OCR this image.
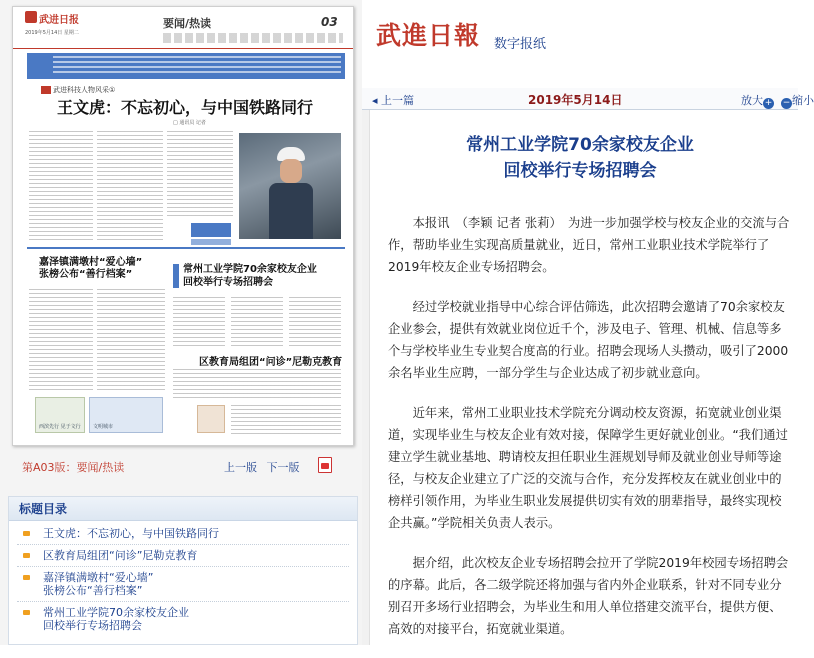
武进日报
2019年5月14日 星期二
要闻/热读	03
武进科技人物风采①
王文虎：不忘初心，与中国铁路同行
□ 通讯员 记者
嘉泽镇满墩村“爱心墙”
张榜公布“善行档案”	常州工业学院70余家校友企业
回校举行专场招聘会
区教育局组团“问诊”尼勒克教育
西滨先行 见于文行 文明城市
第A03版：要闻/热读	上一版 下一版
标题目录
王文虎：不忘初心，与中国铁路同行
区教育局组团“问诊”尼勒克教育
嘉泽镇满墩村“爱心墙”
张榜公布“善行档案”
常州工业学院70余家校友企业
回校举行专场招聘会
武進日報 数字报纸
◂ 上一篇	2019年5月14日	放大 + − 缩小
常州工业学院70余家校友企业
回校举行专场招聘会

本报讯　（李颖 记者 张莉）　为进一步加强学校与校友企业的交流与合作，帮助毕业生实现高质量就业，近日，常州工业职业技术学院举行了2019年校友企业专场招聘会。

经过学校就业指导中心综合评估筛选，此次招聘会邀请了70余家校友企业参会，提供有效就业岗位近千个，涉及电子、管理、机械、信息等多个与学校毕业生专业契合度高的行业。招聘会现场人头攒动，吸引了2000余名毕业生应聘，一部分学生与企业达成了初步就业意向。

近年来，常州工业职业技术学院充分调动校友资源，拓宽就业创业渠道，实现毕业生与校友企业有效对接，保障学生更好就业创业。“我们通过建立学生就业基地、聘请校友担任职业生涯规划导师及就业创业导师等途径，与校友企业建立了广泛的交流与合作，充分发挥校友在就业创业中的榜样引领作用，为毕业生职业发展提供切实有效的朋辈指导，最终实现校企共赢。”学院相关负责人表示。

据介绍，此次校友企业专场招聘会拉开了学院2019年校园专场招聘会的序幕。此后，各二级学院还将加强与省内外企业联系，针对不同专业分别召开多场行业招聘会，为毕业生和用人单位搭建交流平台，提供方便、高效的对接平台，拓宽就业渠道。
